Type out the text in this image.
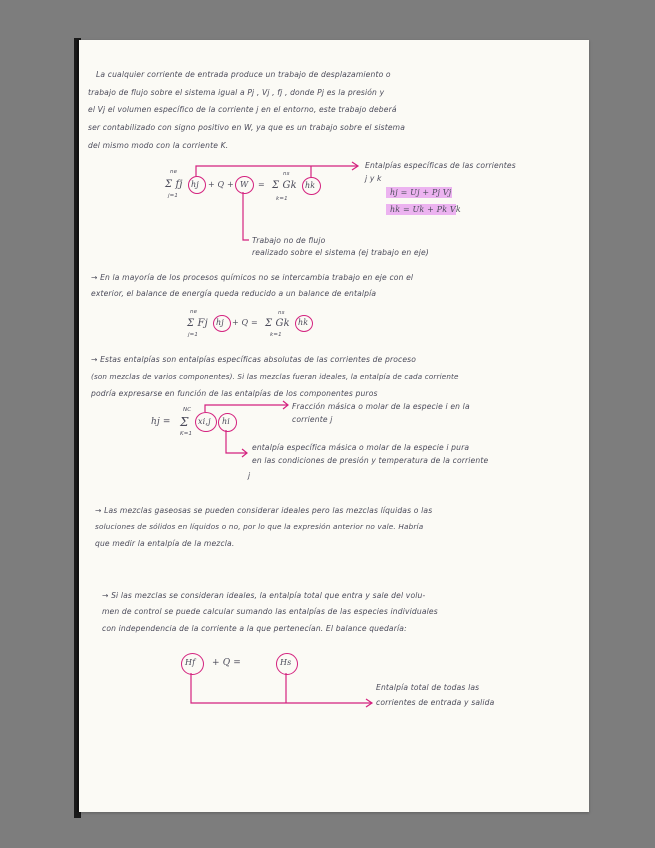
La cualquier corriente de entrada produce un trabajo de desplazamiento o
trabajo de flujo sobre el sistema igual a Pj , Vj , fj , donde Pj es la presión y
el Vj el volumen específico de la corriente j en el entorno, este trabajo deberá
ser contabilizado con signo positivo en W, ya que es un trabajo sobre el sistema
del mismo modo con la corriente K.
ne
Σ fj
j=1
hj + Q + W =
ns
Σ Gk
k=1
hk
Entalpías específicas de las corrientes
j y k
hj = Uj + Pj Vj
hk = Uk + Pk Vk
Trabajo no de flujo
realizado sobre el sistema (ej trabajo en eje)
→ En la mayoría de los procesos químicos no se intercambia trabajo en eje con el
exterior, el balance de energía queda reducido a un balance de entalpía
ne
Σ Fj
j=1
hj + Q =
ns
Σ Gk
k=1
hk
→ Estas entalpías son entalpías específicas absolutas de las corrientes de proceso
(son mezclas de varios componentes). Si las mezclas fueran ideales, la entalpía de cada corriente
podría expresarse en función de las entalpías de los componentes puros
hj =
NC
Σ
K=1
xi,j hi
Fracción másica o molar de la especie i en la
corriente j
entalpía específica másica o molar de la especie i pura
en las condiciones de presión y temperatura de la corriente
j
→ Las mezclas gaseosas se pueden considerar ideales pero las mezclas líquidas o las
soluciones de sólidos en líquidos o no, por lo que la expresión anterior no vale. Habría
que medir la entalpía de la mezcla.
→ Si las mezclas se consideran ideales, la entalpía total que entra y sale del volu-
men de control se puede calcular sumando las entalpías de las especies individuales
con independencia de la corriente a la que pertenecían. El balance quedaría:
Hf + Q =	Hs
Entalpía total de todas las
corrientes de entrada y salida
